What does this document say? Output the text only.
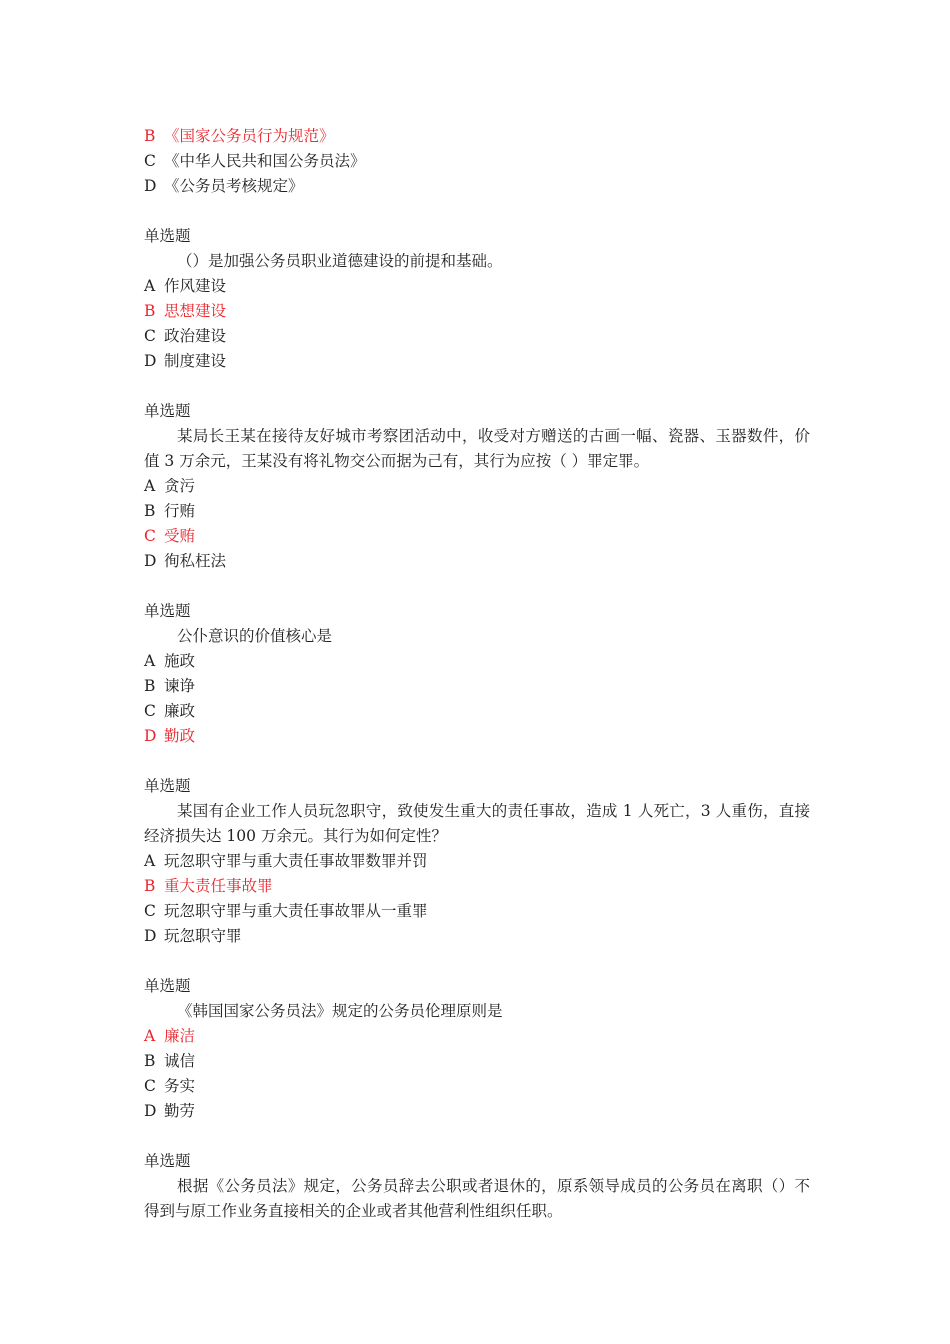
B 《国家公务员行为规范》
C 《中华人民共和国公务员法》
D 《公务员考核规定》
单选题
（）是加强公务员职业道德建设的前提和基础。
A 作风建设
B 思想建设
C 政治建设
D 制度建设
单选题
某局长王某在接待友好城市考察团活动中，收受对方赠送的古画一幅、瓷器、玉器数件，价值 3 万余元，王某没有将礼物交公而据为己有，其行为应按（ ）罪定罪。
A 贪污
B 行贿
C 受贿
D 徇私枉法
单选题
公仆意识的价值核心是
A 施政
B 谏诤
C 廉政
D 勤政
单选题
某国有企业工作人员玩忽职守，致使发生重大的责任事故，造成 1 人死亡，3 人重伤，直接经济损失达 100 万余元。其行为如何定性？
A 玩忽职守罪与重大责任事故罪数罪并罚
B 重大责任事故罪
C 玩忽职守罪与重大责任事故罪从一重罪
D 玩忽职守罪
单选题
《韩国国家公务员法》规定的公务员伦理原则是
A 廉洁
B 诚信
C 务实
D 勤劳
单选题
根据《公务员法》规定，公务员辞去公职或者退休的，原系领导成员的公务员在离职（）不得到与原工作业务直接相关的企业或者其他营利性组织任职。
